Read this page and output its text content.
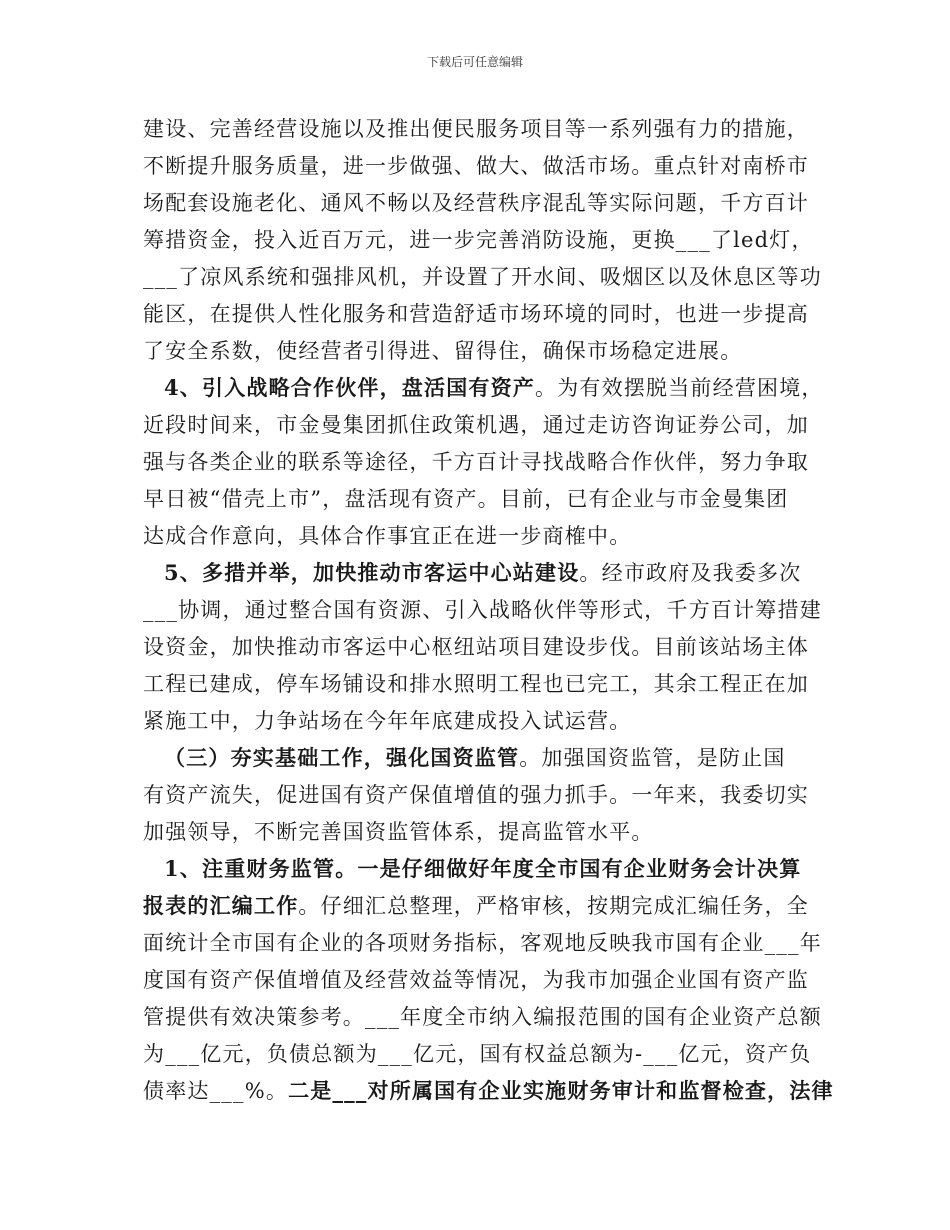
下载后可任意编辑
建设、完善经营设施以及推出便民服务项目等一系列强有力的措施，
不断提升服务质量，进一步做强、做大、做活市场。重点针对南桥市
场配套设施老化、通风不畅以及经营秩序混乱等实际问题，千方百计
筹措资金，投入近百万元，进一步完善消防设施，更换___了led灯，
___了凉风系统和强排风机，并设置了开水间、吸烟区以及休息区等功
能区，在提供人性化服务和营造舒适市场环境的同时，也进一步提高
了安全系数，使经营者引得进、留得住，确保市场稳定进展。
4、引入战略合作伙伴，盘活国有资产。为有效摆脱当前经营困境，
近段时间来，市金曼集团抓住政策机遇，通过走访咨询证券公司，加
强与各类企业的联系等途径，千方百计寻找战略合作伙伴，努力争取
早日被“借壳上市”，盘活现有资产。目前，已有企业与市金曼集团
达成合作意向，具体合作事宜正在进一步商榷中。
5、多措并举，加快推动市客运中心站建设。经市政府及我委多次
___协调，通过整合国有资源、引入战略伙伴等形式，千方百计筹措建
设资金，加快推动市客运中心枢纽站项目建设步伐。目前该站场主体
工程已建成，停车场铺设和排水照明工程也已完工，其余工程正在加
紧施工中，力争站场在今年年底建成投入试运营。
（三）夯实基础工作，强化国资监管。加强国资监管，是防止国
有资产流失，促进国有资产保值增值的强力抓手。一年来，我委切实
加强领导，不断完善国资监管体系，提高监管水平。
1、注重财务监管。一是仔细做好年度全市国有企业财务会计决算
报表的汇编工作。仔细汇总整理，严格审核，按期完成汇编任务，全
面统计全市国有企业的各项财务指标，客观地反映我市国有企业___年
度国有资产保值增值及经营效益等情况，为我市加强企业国有资产监
管提供有效决策参考。___年度全市纳入编报范围的国有企业资产总额
为___亿元，负债总额为___亿元，国有权益总额为-___亿元，资产负
债率达___%。二是___对所属国有企业实施财务审计和监督检查，法律
